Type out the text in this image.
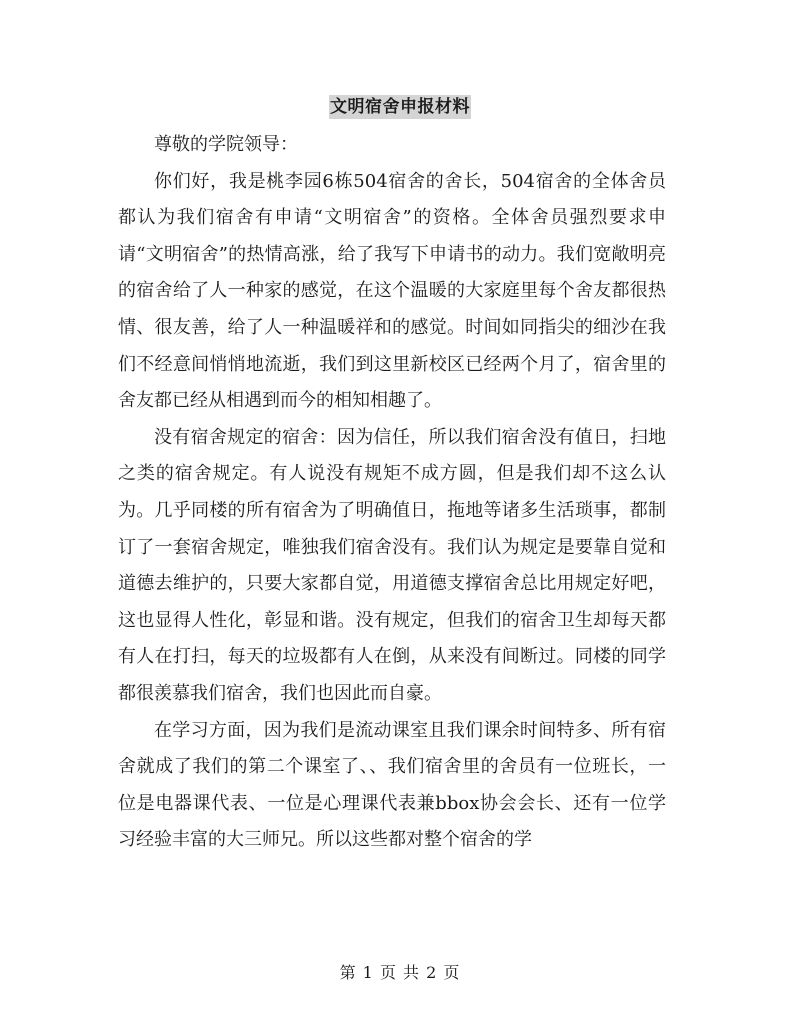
文明宿舍申报材料

尊敬的学院领导：

你们好，我是桃李园6栋504宿舍的舍长，504宿舍的全体舍员都认为我们宿舍有申请“文明宿舍”的资格。全体舍员强烈要求申请“文明宿舍”的热情高涨，给了我写下申请书的动力。我们宽敞明亮的宿舍给了人一种家的感觉，在这个温暖的大家庭里每个舍友都很热情、很友善，给了人一种温暖祥和的感觉。时间如同指尖的细沙在我们不经意间悄悄地流逝，我们到这里新校区已经两个月了，宿舍里的舍友都已经从相遇到而今的相知相趣了。

没有宿舍规定的宿舍：因为信任，所以我们宿舍没有值日，扫地之类的宿舍规定。有人说没有规矩不成方圆，但是我们却不这么认为。几乎同楼的所有宿舍为了明确值日，拖地等诸多生活琐事，都制订了一套宿舍规定，唯独我们宿舍没有。我们认为规定是要靠自觉和道德去维护的，只要大家都自觉，用道德支撑宿舍总比用规定好吧，这也显得人性化，彰显和谐。没有规定，但我们的宿舍卫生却每天都有人在打扫，每天的垃圾都有人在倒，从来没有间断过。同楼的同学都很羡慕我们宿舍，我们也因此而自豪。

在学习方面，因为我们是流动课室且我们课余时间特多、所有宿舍就成了我们的第二个课室了、、我们宿舍里的舍员有一位班长，一位是电器课代表、一位是心理课代表兼bbox协会会长、还有一位学习经验丰富的大三师兄。所以这些都对整个宿舍的学

第 1 页 共 2 页
